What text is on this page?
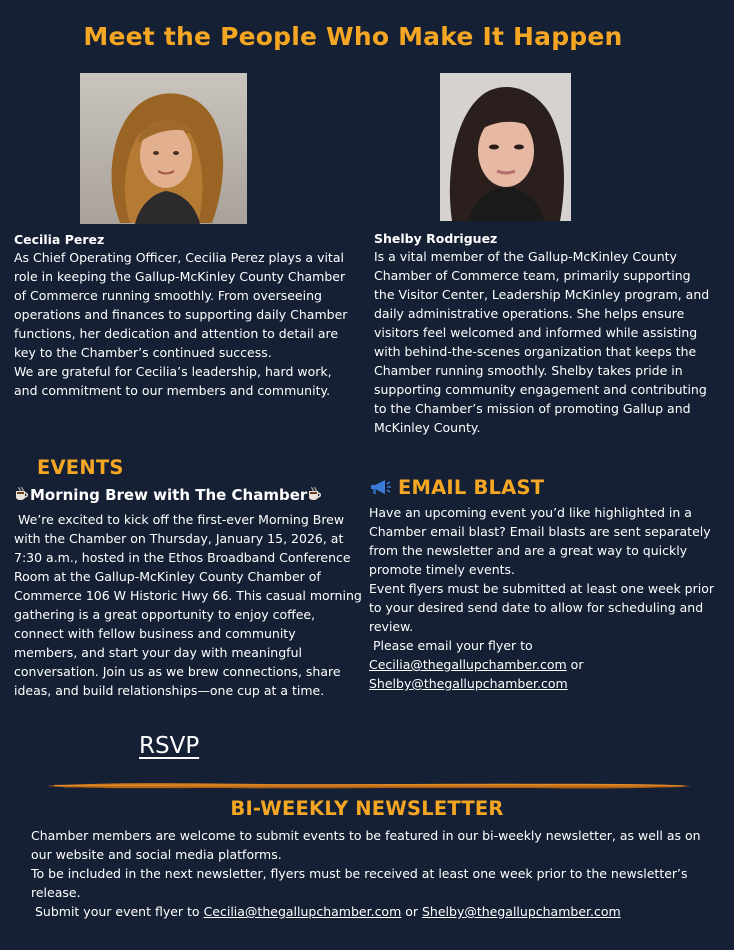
Meet the People Who Make It Happen
Cecilia Perez
As Chief Operating Officer, Cecilia Perez plays a vital role in keeping the Gallup-McKinley County Chamber of Commerce running smoothly. From overseeing operations and finances to supporting daily Chamber functions, her dedication and attention to detail are key to the Chamber’s continued success.
We are grateful for Cecilia’s leadership, hard work, and commitment to our members and community.
Shelby Rodriguez
Is a vital member of the Gallup-McKinley County Chamber of Commerce team, primarily supporting the Visitor Center, Leadership McKinley program, and daily administrative operations. She helps ensure visitors feel welcomed and informed while assisting with behind-the-scenes organization that keeps the Chamber running smoothly. Shelby takes pride in supporting community engagement and contributing to the Chamber’s mission of promoting Gallup and McKinley County.
EVENTS
Morning Brew with The Chamber
We’re excited to kick off the first-ever Morning Brew with the Chamber on Thursday, January 15, 2026, at 7:30 a.m., hosted in the Ethos Broadband Conference Room at the Gallup-McKinley County Chamber of Commerce 106 W Historic Hwy 66. This casual morning gathering is a great opportunity to enjoy coffee, connect with fellow business and community members, and start your day with meaningful conversation. Join us as we brew connections, share ideas, and build relationships—one cup at a time.
RSVP
EMAIL BLAST
Have an upcoming event you’d like highlighted in a Chamber email blast? Email blasts are sent separately from the newsletter and are a great way to quickly promote timely events.
Event flyers must be submitted at least one week prior to your desired send date to allow for scheduling and review.
Please email your flyer to
Cecilia@thegallupchamber.com or
Shelby@thegallupchamber.com
BI-WEEKLY NEWSLETTER
Chamber members are welcome to submit events to be featured in our bi-weekly newsletter, as well as on our website and social media platforms.
To be included in the next newsletter, flyers must be received at least one week prior to the newsletter’s release.
Submit your event flyer to Cecilia@thegallupchamber.com or Shelby@thegallupchamber.com
